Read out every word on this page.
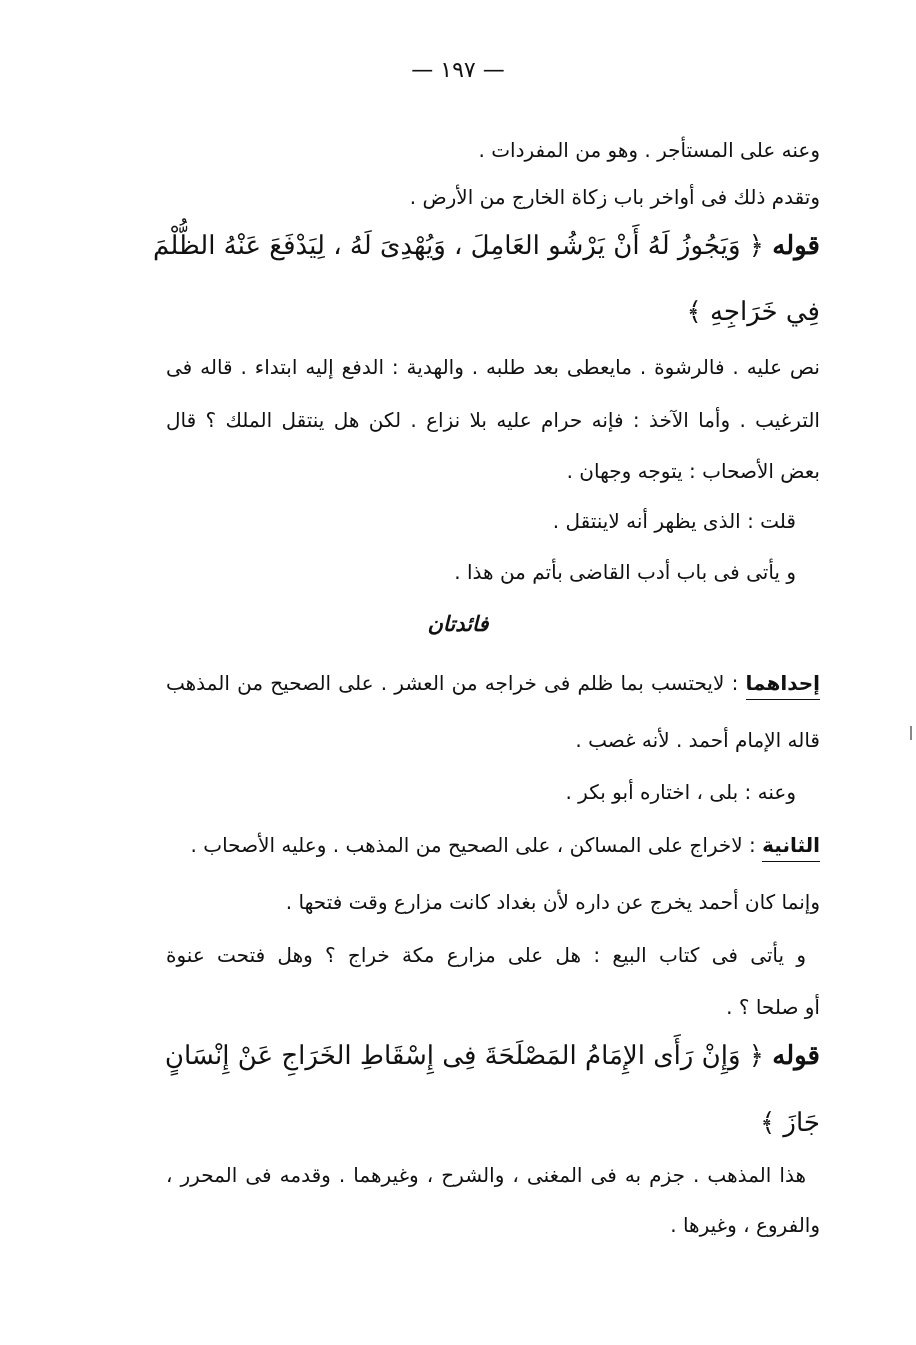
— ١٩٧ —
وعنه على المستأجر . وهو من المفردات .
وتقدم ذلك فى أواخر باب زكاة الخارج من الأرض .
قوله ﴿ وَيَجُوزُ لَهُ أَنْ يَرْشُو العَامِلَ ، وَيُهْدِىَ لَهُ ، لِيَدْفَعَ عَنْهُ الظُّلْمَ
فِي خَرَاجِهِ ﴾
نص عليه . فالرشوة . مايعطى بعد طلبه . والهدية : الدفع إليه ابتداء . قاله فى
الترغيب . وأما الآخذ : فإنه حرام عليه بلا نزاع . لكن هل ينتقل الملك ؟ قال
بعض الأصحاب : يتوجه وجهان .
قلت : الذى يظهر أنه لاينتقل .
و يأتى فى باب أدب القاضى بأتم من هذا .
فائدتان
إحداهما : لايحتسب بما ظلم فى خراجه من العشر . على الصحيح من المذهب
قاله الإمام أحمد . لأنه غصب .
وعنه : بلى ، اختاره أبو بكر .
الثانية : لاخراج على المساكن ، على الصحيح من المذهب . وعليه الأصحاب .
وإنما كان أحمد يخرج عن داره لأن بغداد كانت مزارع وقت فتحها .
و يأتى فى كتاب البيع : هل على مزارع مكة خراج ؟ وهل فتحت عنوة
أو صلحا ؟ .
قوله ﴿ وَإِنْ رَأَى الإِمَامُ المَصْلَحَةَ فِى إِسْقَاطِ الخَرَاجِ عَنْ إِنْسَانٍ
جَازَ ﴾
هذا المذهب . جزم به فى المغنى ، والشرح ، وغيرهما . وقدمه فى المحرر ،
والفروع ، وغيرها .
